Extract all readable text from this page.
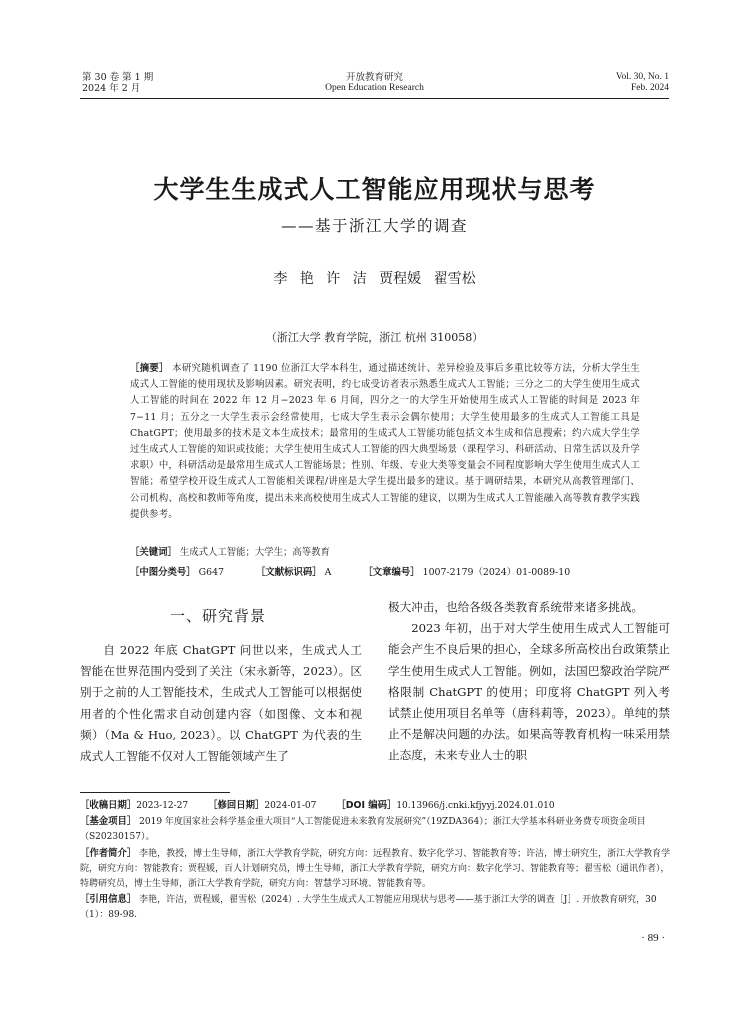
第 30 卷 第 1 期
2024 年 2 月
开放教育研究
Open Education Research
Vol. 30, No. 1
Feb. 2024
大学生生成式人工智能应用现状与思考
——基于浙江大学的调查
李 艳 许 洁 贾程媛 翟雪松
（浙江大学 教育学院，浙江 杭州 310058）
［摘要］ 本研究随机调查了 1190 位浙江大学本科生，通过描述统计、差异检验及事后多重比较等方法，分析大学生生成式人工智能的使用现状及影响因素。研究表明，约七成受访者表示熟悉生成式人工智能；三分之二的大学生使用生成式人工智能的时间在 2022 年 12 月−2023 年 6 月间，四分之一的大学生开始使用生成式人工智能的时间是 2023 年 7−11 月；五分之一大学生表示会经常使用，七成大学生表示会偶尔使用；大学生使用最多的生成式人工智能工具是 ChatGPT；使用最多的技术是文本生成技术；最常用的生成式人工智能功能包括文本生成和信息搜索；约六成大学生学过生成式人工智能的知识或技能；大学生使用生成式人工智能的四大典型场景（课程学习、科研活动、日常生活以及升学求职）中，科研活动是最常用生成式人工智能场景；性别、年级、专业大类等变量会不同程度影响大学生使用生成式人工智能；希望学校开设生成式人工智能相关课程/讲座是大学生提出最多的建议。基于调研结果，本研究从高教管理部门、公司机构、高校和教师等角度，提出未来高校使用生成式人工智能的建议，以期为生成式人工智能融入高等教育教学实践提供参考。
［关键词］ 生成式人工智能；大学生；高等教育
［中图分类号］ G647	［文献标识码］ A	［文章编号］ 1007-2179（2024）01-0089-10
一、研究背景

自 2022 年底 ChatGPT 问世以来，生成式人工智能在世界范围内受到了关注（宋永新等，2023）。区别于之前的人工智能技术，生成式人工智能可以根据使用者的个性化需求自动创建内容（如图像、文本和视频）（Ma & Huo, 2023）。以 ChatGPT 为代表的生成式人工智能不仅对人工智能领域产生了

极大冲击，也给各级各类教育系统带来诸多挑战。

2023 年初，出于对大学生使用生成式人工智能可能会产生不良后果的担心，全球多所高校出台政策禁止学生使用生成式人工智能。例如，法国巴黎政治学院严格限制 ChatGPT 的使用；印度将 ChatGPT 列入考试禁止使用项目名单等（唐科莉等，2023）。单纯的禁止不是解决问题的办法。如果高等教育机构一味采用禁止态度，未来专业人士的职

［收稿日期］2023-12-27 ［修回日期］2024-01-07 ［DOI 编码］10.13966/j.cnki.kfjyyj.2024.01.010

［基金项目］ 2019 年度国家社会科学基金重大项目“人工智能促进未来教育发展研究”（19ZDA364）；浙江大学基本科研业务费专项资金项目（S20230157）。

［作者简介］ 李艳，教授，博士生导师，浙江大学教育学院，研究方向：远程教育、数字化学习、智能教育等；许洁，博士研究生，浙江大学教育学院，研究方向：智能教育；贾程媛，百人计划研究员，博士生导师，浙江大学教育学院，研究方向：数字化学习、智能教育等；翟雪松（通讯作者），特聘研究员，博士生导师，浙江大学教育学院，研究方向：智慧学习环境、智能教育等。

［引用信息］ 李艳，许洁，贾程媛，翟雪松（2024）. 大学生生成式人工智能应用现状与思考——基于浙江大学的调查［J］. 开放教育研究，30（1）：89-98.

· 89 ·
